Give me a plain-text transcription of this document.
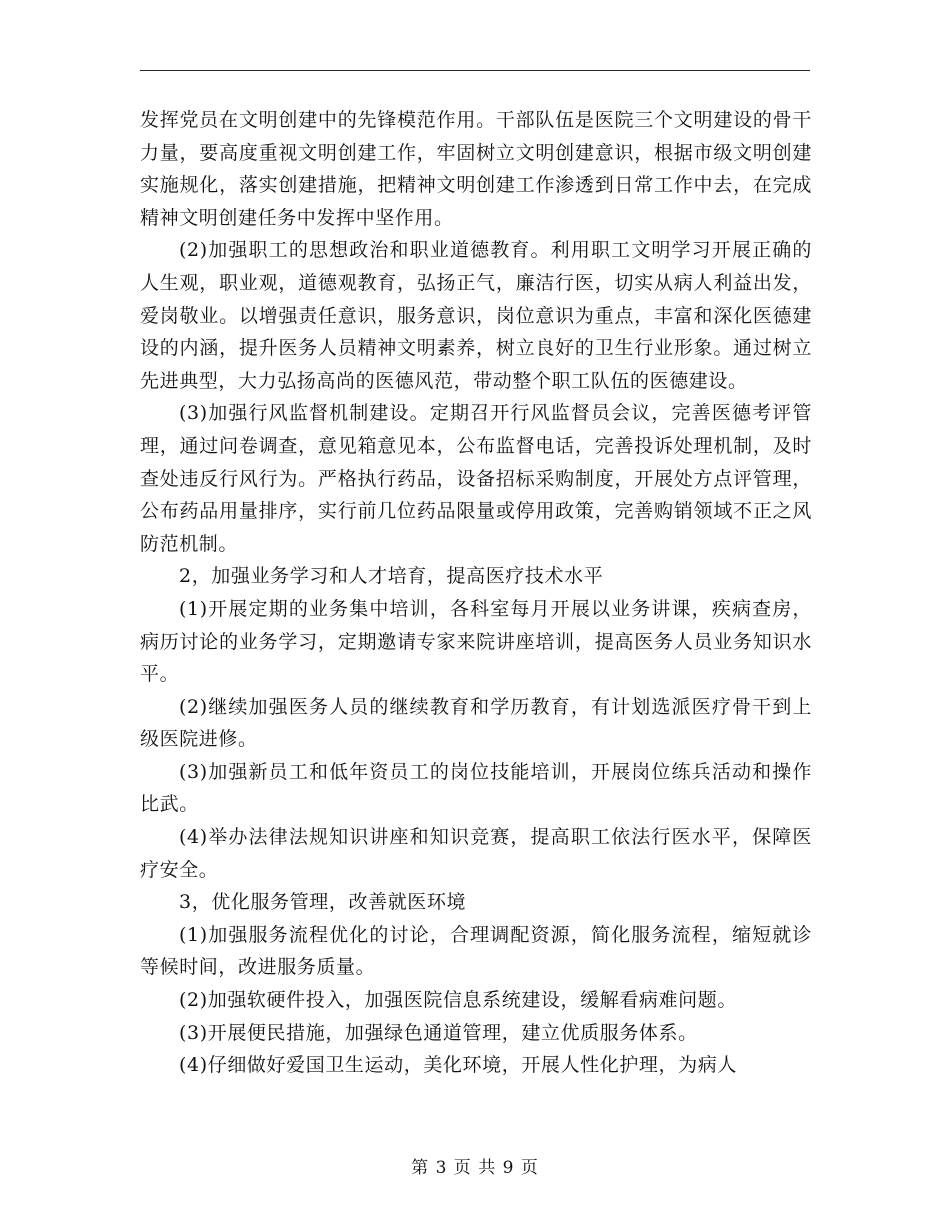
发挥党员在文明创建中的先锋模范作用。干部队伍是医院三个文明建设的骨干力量，要高度重视文明创建工作，牢固树立文明创建意识，根据市级文明创建实施规化，落实创建措施，把精神文明创建工作渗透到日常工作中去，在完成精神文明创建任务中发挥中坚作用。

(2)加强职工的思想政治和职业道德教育。利用职工文明学习开展正确的人生观，职业观，道德观教育，弘扬正气，廉洁行医，切实从病人利益出发，爱岗敬业。以增强责任意识，服务意识，岗位意识为重点，丰富和深化医德建设的内涵，提升医务人员精神文明素养，树立良好的卫生行业形象。通过树立先进典型，大力弘扬高尚的医德风范，带动整个职工队伍的医德建设。

(3)加强行风监督机制建设。定期召开行风监督员会议，完善医德考评管理，通过问卷调查，意见箱意见本，公布监督电话，完善投诉处理机制，及时查处违反行风行为。严格执行药品，设备招标采购制度，开展处方点评管理，公布药品用量排序，实行前几位药品限量或停用政策，完善购销领域不正之风防范机制。

2，加强业务学习和人才培育，提高医疗技术水平

(1)开展定期的业务集中培训，各科室每月开展以业务讲课，疾病查房，病历讨论的业务学习，定期邀请专家来院讲座培训，提高医务人员业务知识水平。

(2)继续加强医务人员的继续教育和学历教育，有计划选派医疗骨干到上级医院进修。

(3)加强新员工和低年资员工的岗位技能培训，开展岗位练兵活动和操作比武。

(4)举办法律法规知识讲座和知识竞赛，提高职工依法行医水平，保障医疗安全。

3，优化服务管理，改善就医环境

(1)加强服务流程优化的讨论，合理调配资源，简化服务流程，缩短就诊等候时间，改进服务质量。

(2)加强软硬件投入，加强医院信息系统建设，缓解看病难问题。

(3)开展便民措施，加强绿色通道管理，建立优质服务体系。

(4)仔细做好爱国卫生运动，美化环境，开展人性化护理，为病人

第 3 页 共 9 页
